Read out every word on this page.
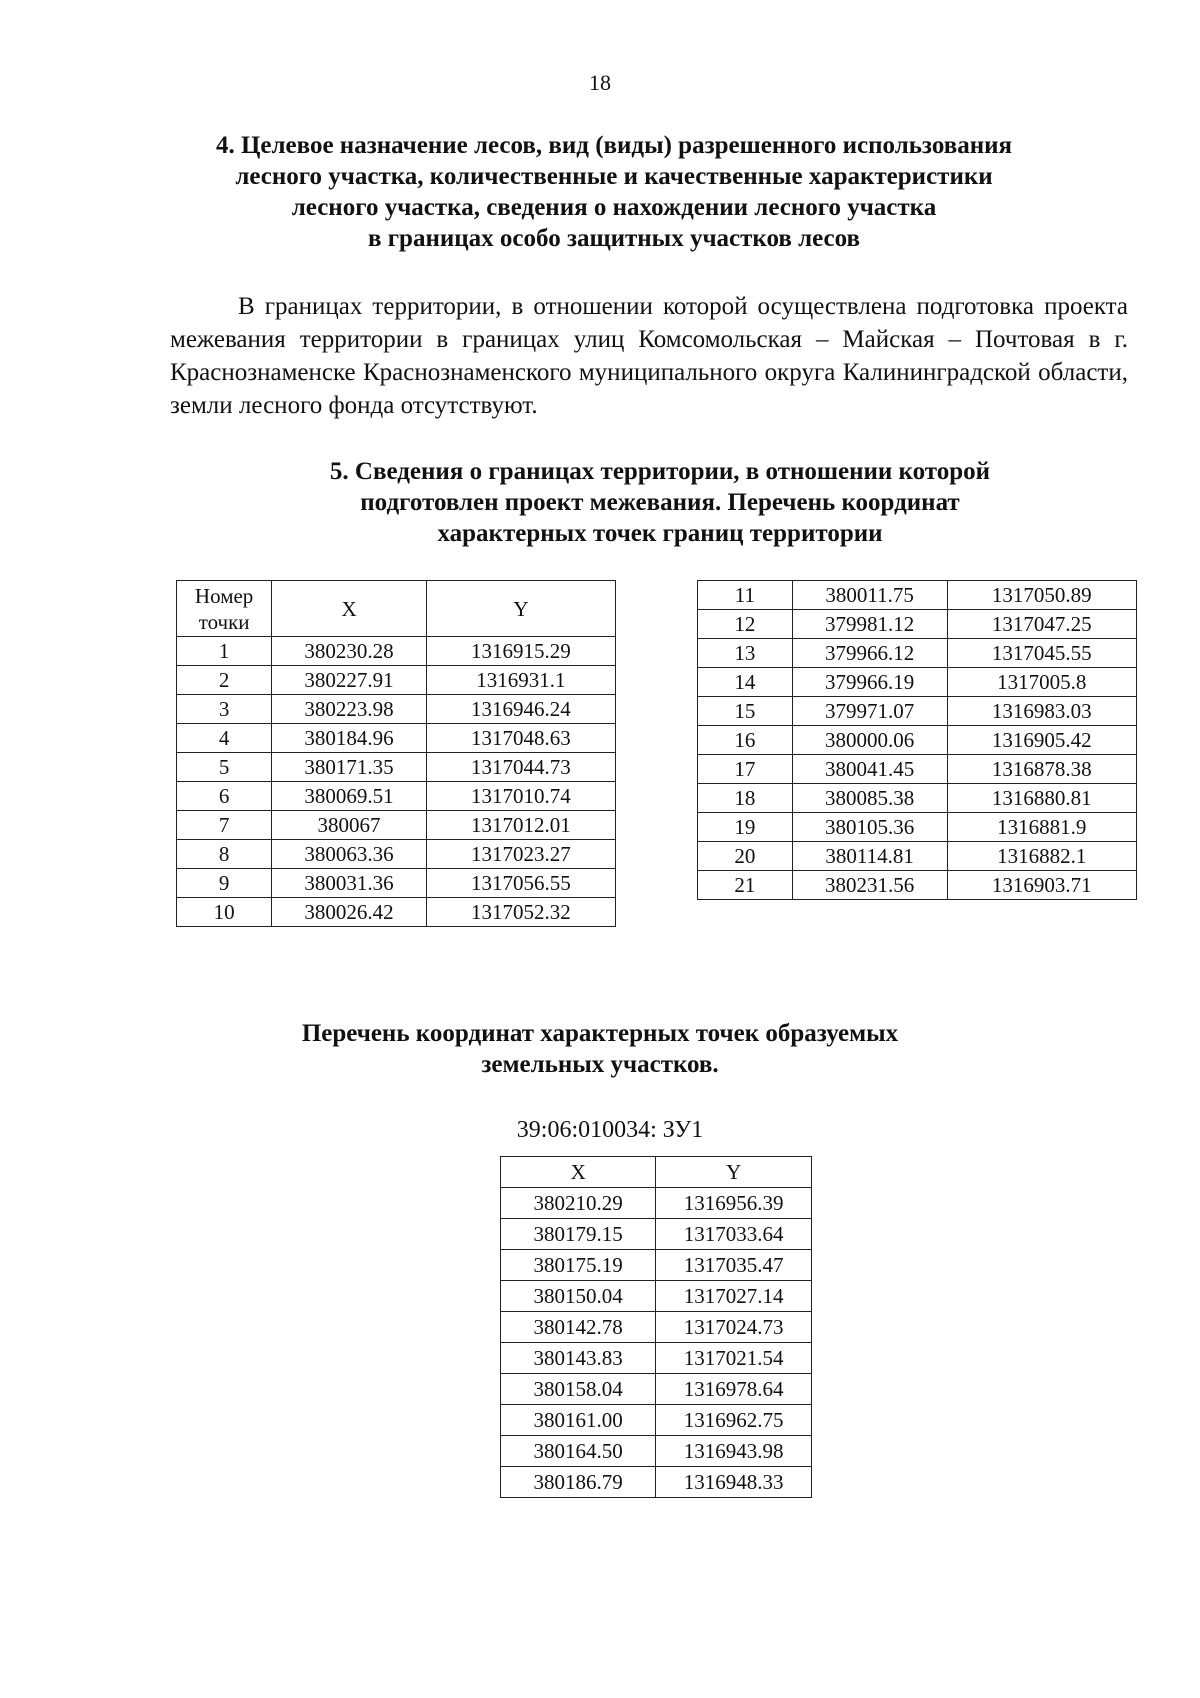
18
4. Целевое назначение лесов, вид (виды) разрешенного использования
лесного участка, количественные и качественные характеристики
лесного участка, сведения о нахождении лесного участка
в границах особо защитных участков лесов
В границах территории, в отношении которой осуществлена подготовка проекта межевания территории в границах улиц Комсомольская – Майская – Почтовая в г. Краснознаменске Краснознаменского муниципального округа Калининградской области, земли лесного фонда отсутствуют.
5. Сведения о границах территории, в отношении которой
подготовлен проект межевания. Перечень координат
характерных точек границ территории
Номер точки	X	Y
1	380230.28	1316915.29
2	380227.91	1316931.1
3	380223.98	1316946.24
4	380184.96	1317048.63
5	380171.35	1317044.73
6	380069.51	1317010.74
7	380067	1317012.01
8	380063.36	1317023.27
9	380031.36	1317056.55
10	380026.42	1317052.32
11	380011.75	1317050.89
12	379981.12	1317047.25
13	379966.12	1317045.55
14	379966.19	1317005.8
15	379971.07	1316983.03
16	380000.06	1316905.42
17	380041.45	1316878.38
18	380085.38	1316880.81
19	380105.36	1316881.9
20	380114.81	1316882.1
21	380231.56	1316903.71
Перечень координат характерных точек образуемых
земельных участков.
39:06:010034: ЗУ1
X	Y
380210.29	1316956.39
380179.15	1317033.64
380175.19	1317035.47
380150.04	1317027.14
380142.78	1317024.73
380143.83	1317021.54
380158.04	1316978.64
380161.00	1316962.75
380164.50	1316943.98
380186.79	1316948.33
